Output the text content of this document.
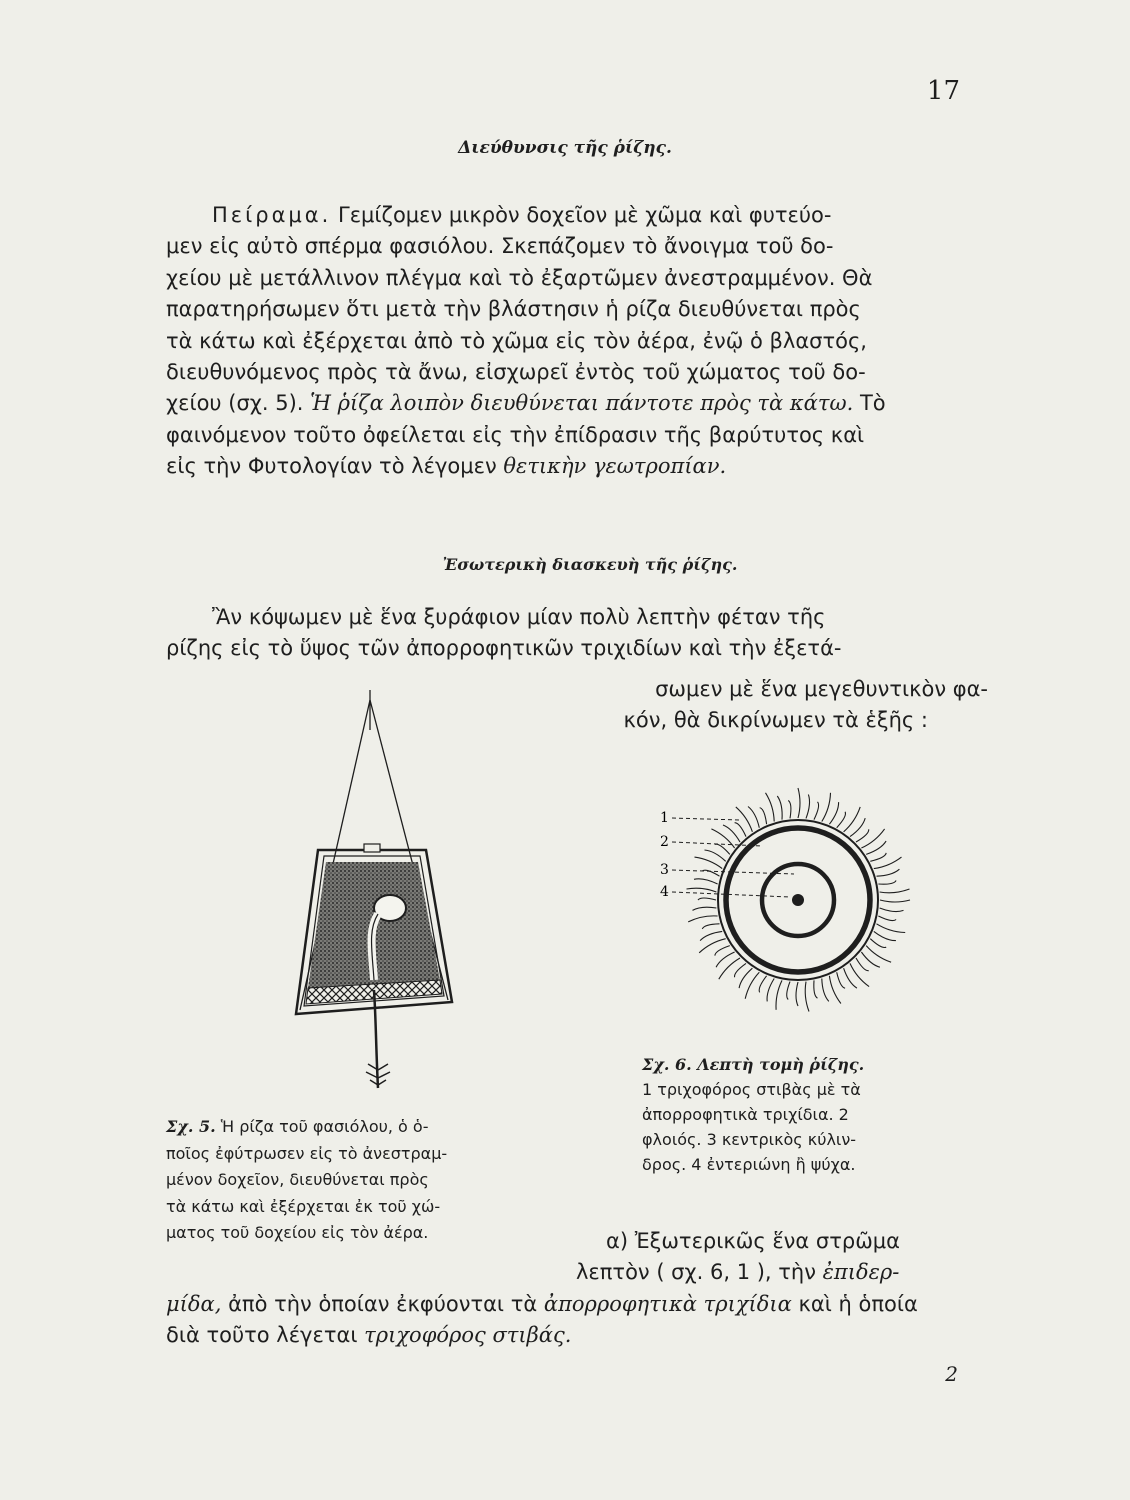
17
Διεύθυνσις τῆς ῥίζης.
Πείραμα. Γεμίζομεν μικρὸν δοχεῖον μὲ χῶμα καὶ φυτεύο-
μεν εἰς αὐτὸ σπέρμα φασιόλου. Σκεπάζομεν τὸ ἄνοιγμα τοῦ δο-
χείου μὲ μετάλλινον πλέγμα καὶ τὸ ἐξαρτῶμεν ἀνεστραμμένον. Θὰ
παρατηρήσωμεν ὅτι μετὰ τὴν βλάστησιν ἡ ρίζα διευθύνεται πρὸς
τὰ κάτω καὶ ἐξέρχεται ἀπὸ τὸ χῶμα εἰς τὸν ἀέρα, ἐνῷ ὁ βλαστός,
διευθυνόμενος πρὸς τὰ ἄνω, εἰσχωρεῖ ἐντὸς τοῦ χώματος τοῦ δο-
χείου (σχ. 5). Ἡ ῥίζα λοιπὸν διευθύνεται πάντοτε πρὸς τὰ κάτω. Τὸ
φαινόμενον τοῦτο ὀφείλεται εἰς τὴν ἐπίδρασιν τῆς βαρύτυτος καὶ
εἰς τὴν Φυτολογίαν τὸ λέγομεν θετικὴν γεωτροπίαν.
Ἐσωτερικὴ διασκευὴ τῆς ῥίζης.
Ἂν κόψωμεν μὲ ἕνα ξυράφιον μίαν πολὺ λεπτὴν φέταν τῆς
ρίζης εἰς τὸ ὕψος τῶν ἀπορροφητικῶν τριχιδίων καὶ τὴν ἐξετά-
σωμεν μὲ ἕνα μεγεθυντικὸν φα-
κόν, θὰ δικρίνωμεν τὰ ἑξῆς :
1
2
3
4
Σχ. 6. Λεπτὴ τομὴ ῥίζης.
1 τριχοφόρος στιβὰς μὲ τὰ
ἀπορροφητικὰ τριχίδια. 2
φλοιός. 3 κεντρικὸς κύλιν-
δρος. 4 ἐντεριώνη ἢ ψύχα.
Σχ. 5. Ἡ ρίζα τοῦ φασιόλου, ὁ ὁ-
ποῖος ἐφύτρωσεν εἰς τὸ ἀνεστραμ-
μένον δοχεῖον, διευθύνεται πρὸς
τὰ κάτω καὶ ἐξέρχεται ἐκ τοῦ χώ-
ματος τοῦ δοχείου εἰς τὸν ἀέρα.	α) Ἐξωτερικῶς ἕνα στρῶμα
λεπτὸν ( σχ. 6, 1 ), τὴν ἐπιδερ-
μίδα, ἀπὸ τὴν ὁποίαν ἐκφύονται τὰ ἀπορροφητικὰ τριχίδια καὶ ἡ ὁποία
διὰ τοῦτο λέγεται τριχοφόρος στιβάς.
2
